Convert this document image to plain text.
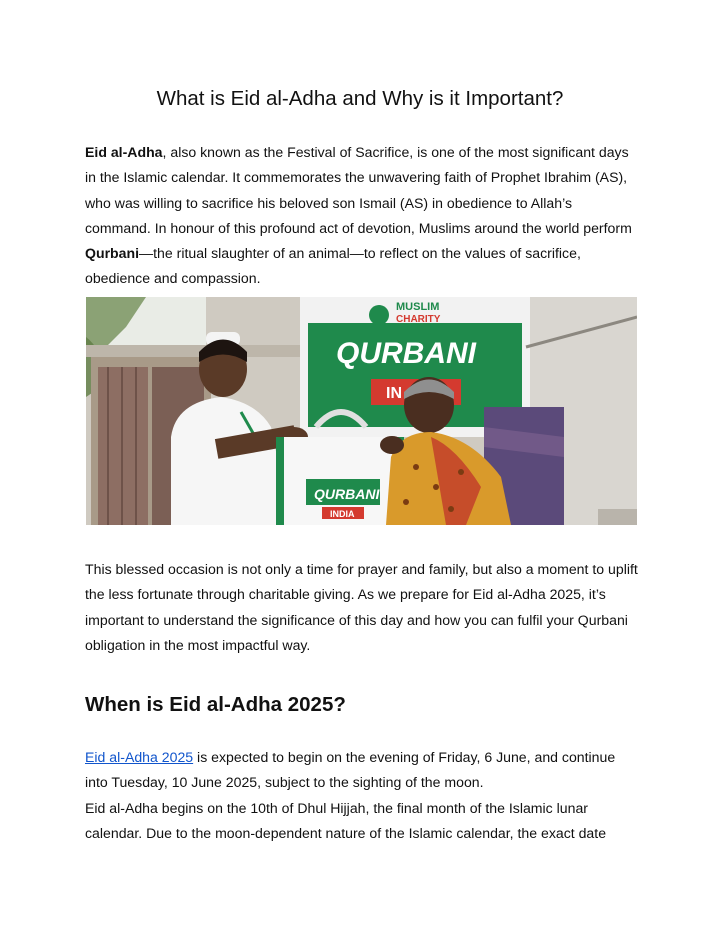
What is Eid al-Adha and Why is it Important?

Eid al-Adha, also known as the Festival of Sacrifice, is one of the most significant days in the Islamic calendar. It commemorates the unwavering faith of Prophet Ibrahim (AS), who was willing to sacrifice his beloved son Ismail (AS) in obedience to Allah’s command. In honour of this profound act of devotion, Muslims around the world perform Qurbani—the ritual slaughter of an animal—to reflect on the values of sacrifice, obedience and compassion.

MUSLIM
CHARITY
QURBANI
IN
QURBANI
INDIA

This blessed occasion is not only a time for prayer and family, but also a moment to uplift the less fortunate through charitable giving. As we prepare for Eid al-Adha 2025, it’s important to understand the significance of this day and how you can fulfil your Qurbani obligation in the most impactful way.

When is Eid al-Adha 2025?

Eid al-Adha 2025 is expected to begin on the evening of Friday, 6 June, and continue into Tuesday, 10 June 2025, subject to the sighting of the moon.
Eid al-Adha begins on the 10th of Dhul Hijjah, the final month of the Islamic lunar calendar. Due to the moon-dependent nature of the Islamic calendar, the exact date
